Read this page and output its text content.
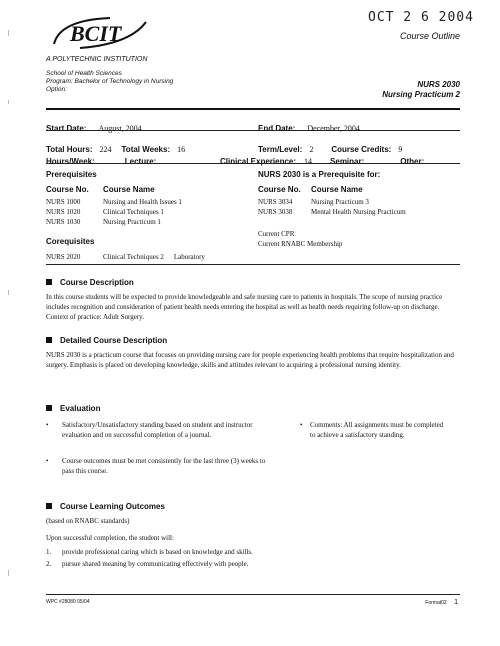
OCT 2 6 2004
BCIT	Course Outline
A POLYTECHNIC INSTITUTION
School of Health Sciences
Program: Bachelor of Technology in Nursing
Option:
NURS 2030
Nursing Practicum 2
Start Date: August, 2004	End Date: December, 2004
Total Hours: 224 Total Weeks: 16	Term/Level: 2 Course Credits: 9
Hours/Week:	Lecture:	Clinical Experience: 14 Seminar:	Other:
Prerequisites
Course No. Course Name
NURS 1000	Nursing and Health Issues 1
NURS 1020	Clinical Techniques 1
NURS 1030	Nursing Practicum 1
NURS 2030 is a Prerequisite for:
Course No. Course Name
NURS 3034	Nursing Practicum 3
NURS 3038	Mental Health Nursing Practicum
Current CPR
Current RNABC Membership
Corequisites
NURS 2020	Clinical Techniques 2 Laboratory
Course Description
In this course students will be expected to provide knowledgeable and safe nursing care to patients in hospitals. The scope of nursing practice includes recognition and consideration of patient health needs entering the hospital as well as health needs requiring follow-up on discharge. Context of practice: Adult Surgery.
Detailed Course Description
NURS 2030 is a practicum course that focuses on providing nursing care for people experiencing health problems that require hospitalization and surgery. Emphasis is placed on developing knowledge, skills and attitudes relevant to acquiring a professional nursing identity.
Evaluation
• Satisfactory/Unsatisfactory standing based on student and instructor evaluation and on successful completion of a journal.
• Course outcomes must be met consistently for the last three (3) weeks to pass this course.
• Comments: All assignments must be completed to achieve a satisfactory standing.
Course Learning Outcomes
(based on RNABC standards)
Upon successful completion, the student will:
1. provide professional caring which is based on knowledge and skills.
2. pursue shared meaning by communicating effectively with people.
WPC #28080 05/04	Format02 1
